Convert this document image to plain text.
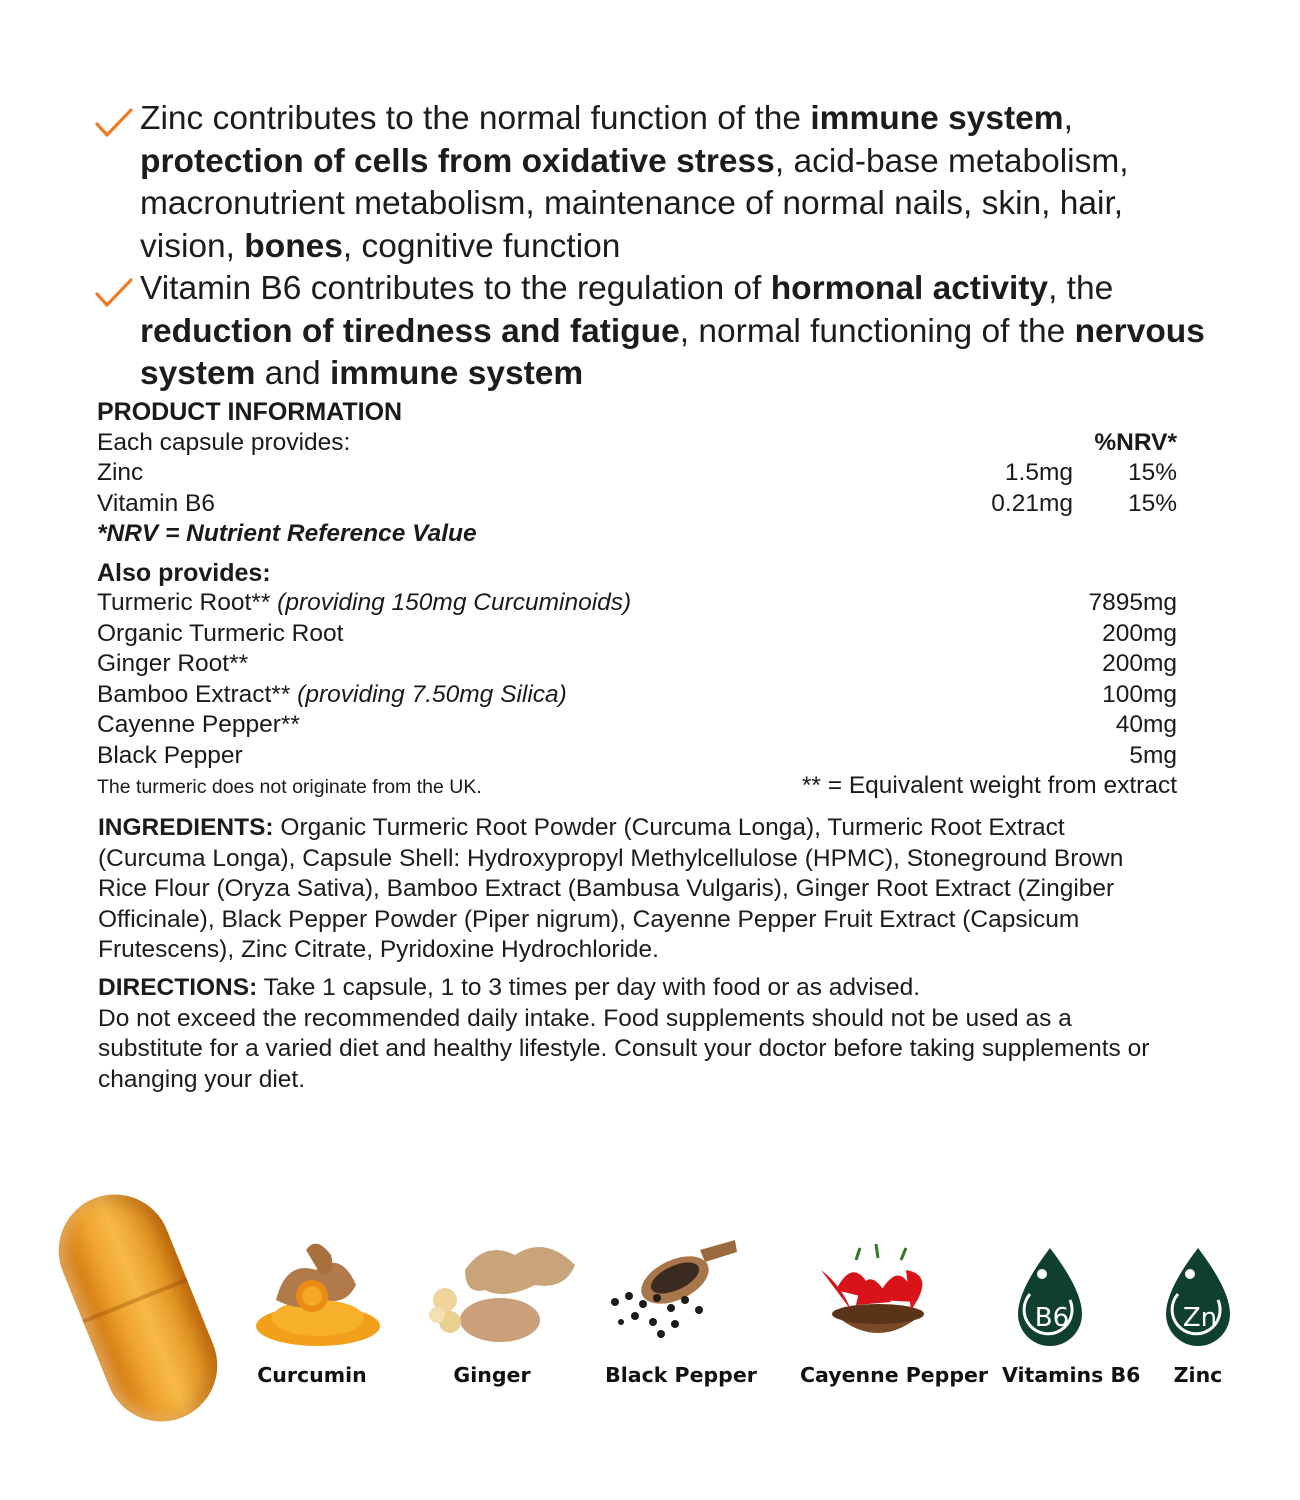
Zinc contributes to the normal function of the immune system, protection of cells from oxidative stress, acid-base metabolism, macronutrient metabolism, maintenance of normal nails, skin, hair, vision, bones, cognitive function
Vitamin B6 contributes to the regulation of hormonal activity, the reduction of tiredness and fatigue, normal functioning of the nervous system and immune system
PRODUCT INFORMATION
Each capsule provides:	%NRV*
Zinc	1.5mg	15%
Vitamin B6	0.21mg	15%
*NRV = Nutrient Reference Value
Also provides:
Turmeric Root** (providing 150mg Curcuminoids)	7895mg
Organic Turmeric Root	200mg
Ginger Root**	200mg
Bamboo Extract** (providing 7.50mg Silica)	100mg
Cayenne Pepper**	40mg
Black Pepper	5mg
The turmeric does not originate from the UK.	** = Equivalent weight from extract
INGREDIENTS: Organic Turmeric Root Powder (Curcuma Longa), Turmeric Root Extract (Curcuma Longa), Capsule Shell: Hydroxypropyl Methylcellulose (HPMC), Stoneground Brown Rice Flour (Oryza Sativa), Bamboo Extract (Bambusa Vulgaris), Ginger Root Extract (Zingiber Officinale), Black Pepper Powder (Piper nigrum), Cayenne Pepper Fruit Extract (Capsicum Frutescens), Zinc Citrate, Pyridoxine Hydrochloride.
DIRECTIONS: Take 1 capsule, 1 to 3 times per day with food or as advised.
Do not exceed the recommended daily intake. Food supplements should not be used as a substitute for a varied diet and healthy lifestyle. Consult your doctor before taking supplements or changing your diet.
Curcumin	Ginger	Black Pepper Cayenne Pepper
B6
Vitamins B6
Zn
Zinc
